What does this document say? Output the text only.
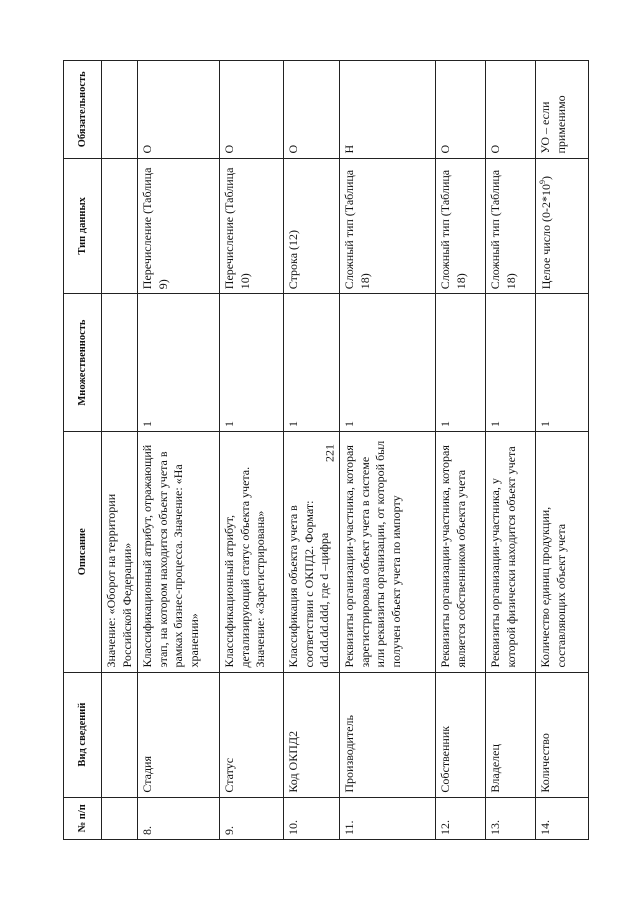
221
№ п/п	Вид сведений	Описание	Множественность	Тип данных	Обязательность
		Значение: «Оборот на территории Российской Федерации»			
8.	Стадия	Классификационный атрибут, отражающий этап, на котором находится объект учета в рамках бизнес-процесса. Значение: «На хранении»	1	Перечисление (Таблица 9)	О
9.	Статус	Классификационный атрибут, детализирующий статус объекта учета. Значение: «Зарегистрирована»	1	Перечисление (Таблица 10)	О
10.	Код ОКПД2	Классификация объекта учета в соответствии с ОКПД2. Формат: dd.dd.dd.ddd, где d –цифра	1	Строка (12)	О
11.	Производитель	Реквизиты организации-участника, которая зарегистрировала объект учета в системе или реквизиты организации, от которой был получен объект учета по импорту	1	Сложный тип (Таблица 18)	Н
12.	Собственник	Реквизиты организации-участника, которая является собственником объекта учета	1	Сложный тип (Таблица 18)	О
13.	Владелец	Реквизиты организации-участника, у которой физически находится объект учета	1	Сложный тип (Таблица 18)	О
14.	Количество	Количество единиц продукции, составляющих объект учета	1	Целое число $(0-2*10^9)$	УО – если применимо
